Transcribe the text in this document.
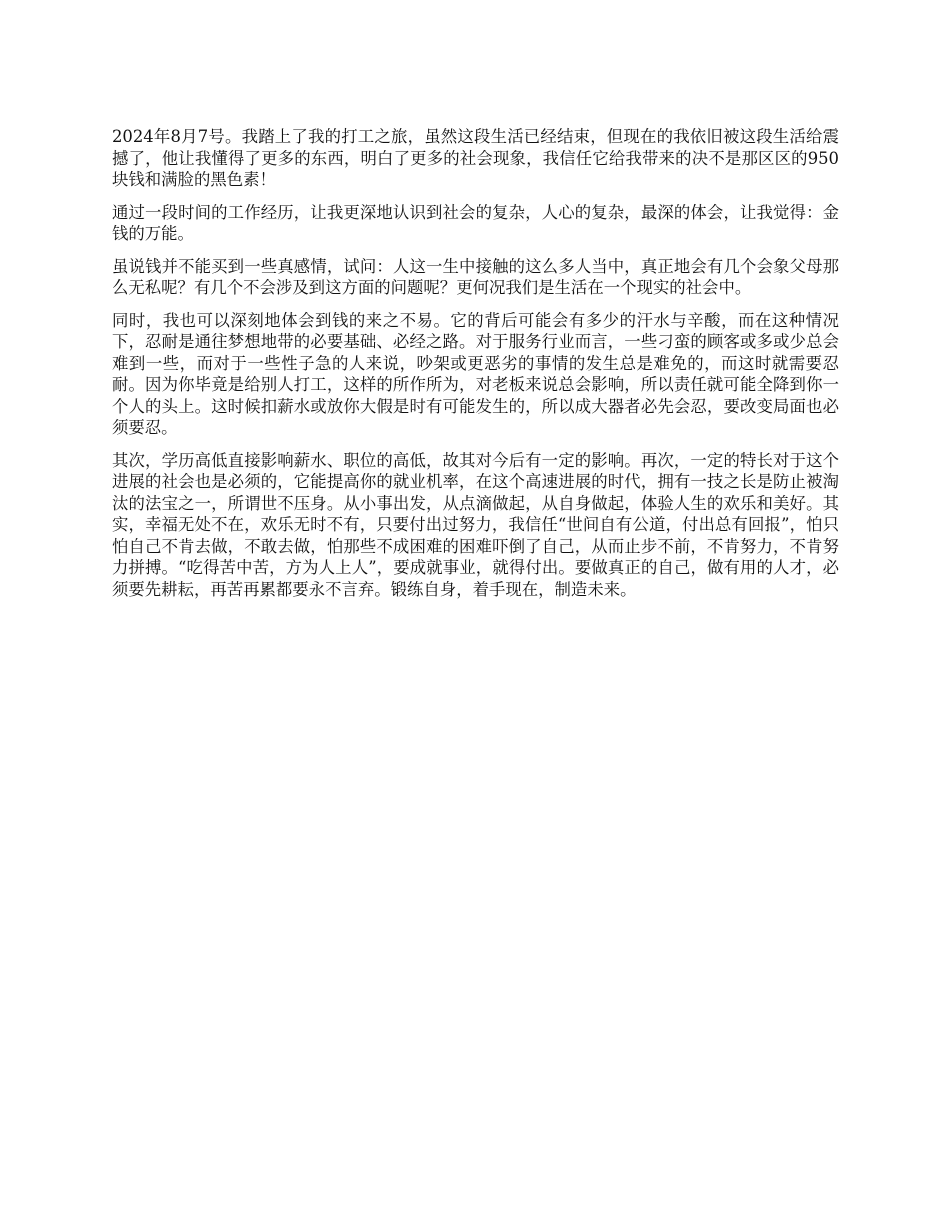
2024年8月7号。我踏上了我的打工之旅，虽然这段生活已经结束，但现在的我依旧被这段生活给震撼了，他让我懂得了更多的东西，明白了更多的社会现象，我信任它给我带来的决不是那区区的950块钱和满脸的黑色素！

通过一段时间的工作经历，让我更深地认识到社会的复杂，人心的复杂，最深的体会，让我觉得：金钱的万能。

虽说钱并不能买到一些真感情，试问：人这一生中接触的这么多人当中，真正地会有几个会象父母那么无私呢？有几个不会涉及到这方面的问题呢？更何况我们是生活在一个现实的社会中。

同时，我也可以深刻地体会到钱的来之不易。它的背后可能会有多少的汗水与辛酸，而在这种情况下，忍耐是通往梦想地带的必要基础、必经之路。对于服务行业而言，一些刁蛮的顾客或多或少总会难到一些，而对于一些性子急的人来说，吵架或更恶劣的事情的发生总是难免的，而这时就需要忍耐。因为你毕竟是给别人打工，这样的所作所为，对老板来说总会影响，所以责任就可能全降到你一个人的头上。这时候扣薪水或放你大假是时有可能发生的，所以成大器者必先会忍，要改变局面也必须要忍。

其次，学历高低直接影响薪水、职位的高低，故其对今后有一定的影响。再次，一定的特长对于这个进展的社会也是必须的，它能提高你的就业机率，在这个高速进展的时代，拥有一技之长是防止被淘汰的法宝之一，所谓世不压身。从小事出发，从点滴做起，从自身做起，体验人生的欢乐和美好。其实，幸福无处不在，欢乐无时不有，只要付出过努力，我信任“世间自有公道，付出总有回报”，怕只怕自己不肯去做，不敢去做，怕那些不成困难的困难吓倒了自己，从而止步不前，不肯努力，不肯努力拼搏。“吃得苦中苦，方为人上人”，要成就事业，就得付出。要做真正的自己，做有用的人才，必须要先耕耘，再苦再累都要永不言弃。锻练自身，着手现在，制造未来。
